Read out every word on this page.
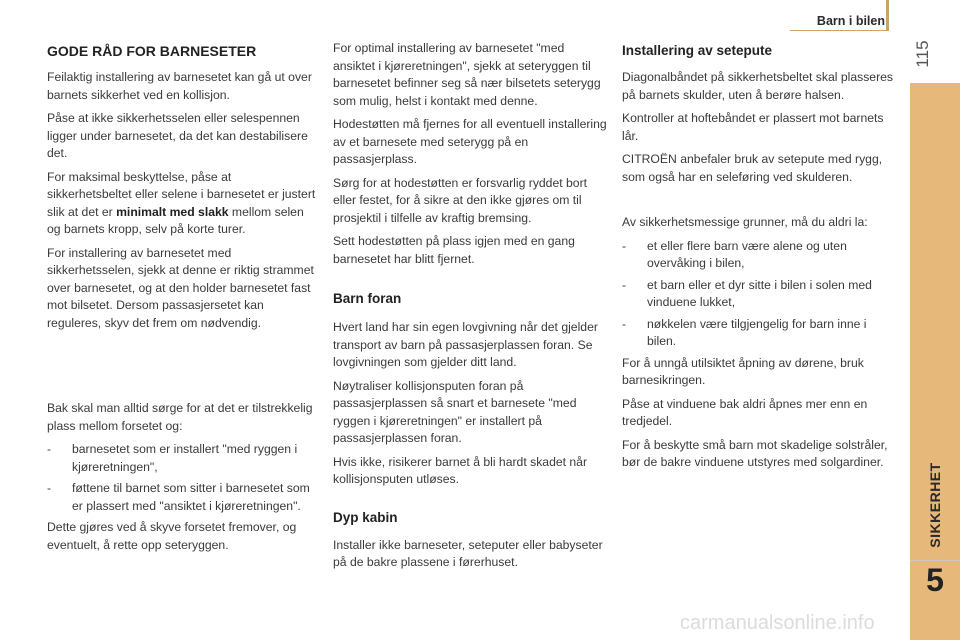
Barn i bilen
115
SIKKERHET
5
carmanualsonline.info
GODE RÅD FOR BARNESETER

Feilaktig installering av barnesetet kan gå ut over barnets sikkerhet ved en kollisjon.

Påse at ikke sikkerhetsselen eller selespennen ligger under barnesetet, da det kan destabilisere det.

For maksimal beskyttelse, påse at sikkerhetsbeltet eller selene i barnesetet er justert slik at det er minimalt med slakk mellom selen og barnets kropp, selv på korte turer.

For installering av barnesetet med sikkerhetsselen, sjekk at denne er riktig strammet over barnesetet, og at den holder barnesetet fast mot bilsetet. Dersom passasjersetet kan reguleres, skyv det frem om nødvendig.

Bak skal man alltid sørge for at det er tilstrekkelig plass mellom forsetet og:

-	barnesetet som er installert "med ryggen i kjøreretningen",
-	føttene til barnet som sitter i barnesetet som er plassert med "ansiktet i kjøreretningen".

Dette gjøres ved å skyve forsetet fremover, og eventuelt, å rette opp seteryggen.

For optimal installering av barnesetet "med ansiktet i kjøreretningen", sjekk at seteryggen til barnesetet befinner seg så nær bilsetets seterygg som mulig, helst i kontakt med denne.

Hodestøtten må fjernes for all eventuell installering av et barnesete med seterygg på en passasjerplass.

Sørg for at hodestøtten er forsvarlig ryddet bort eller festet, for å sikre at den ikke gjøres om til prosjektil i tilfelle av kraftig bremsing.

Sett hodestøtten på plass igjen med en gang barnesetet har blitt fjernet.

Barn foran

Hvert land har sin egen lovgivning når det gjelder transport av barn på passasjerplassen foran. Se lovgivningen som gjelder ditt land.

Nøytraliser kollisjonsputen foran på passasjerplassen så snart et barnesete "med ryggen i kjøreretningen" er installert på passasjerplassen foran.

Hvis ikke, risikerer barnet å bli hardt skadet når kollisjonsputen utløses.

Dyp kabin

Installer ikke barneseter, seteputer eller babyseter på de bakre plassene i førerhuset.

Installering av setepute

Diagonalbåndet på sikkerhetsbeltet skal plasseres på barnets skulder, uten å berøre halsen.

Kontroller at hoftebåndet er plassert mot barnets lår.

CITROËN anbefaler bruk av setepute med rygg, som også har en seleføring ved skulderen.

Av sikkerhetsmessige grunner, må du aldri la:

-	et eller flere barn være alene og uten overvåking i bilen,
-	et barn eller et dyr sitte i bilen i solen med vinduene lukket,
-	nøkkelen være tilgjengelig for barn inne i bilen.

For å unngå utilsiktet åpning av dørene, bruk barnesikringen.

Påse at vinduene bak aldri åpnes mer enn en tredjedel.

For å beskytte små barn mot skadelige solstråler, bør de bakre vinduene utstyres med solgardiner.
